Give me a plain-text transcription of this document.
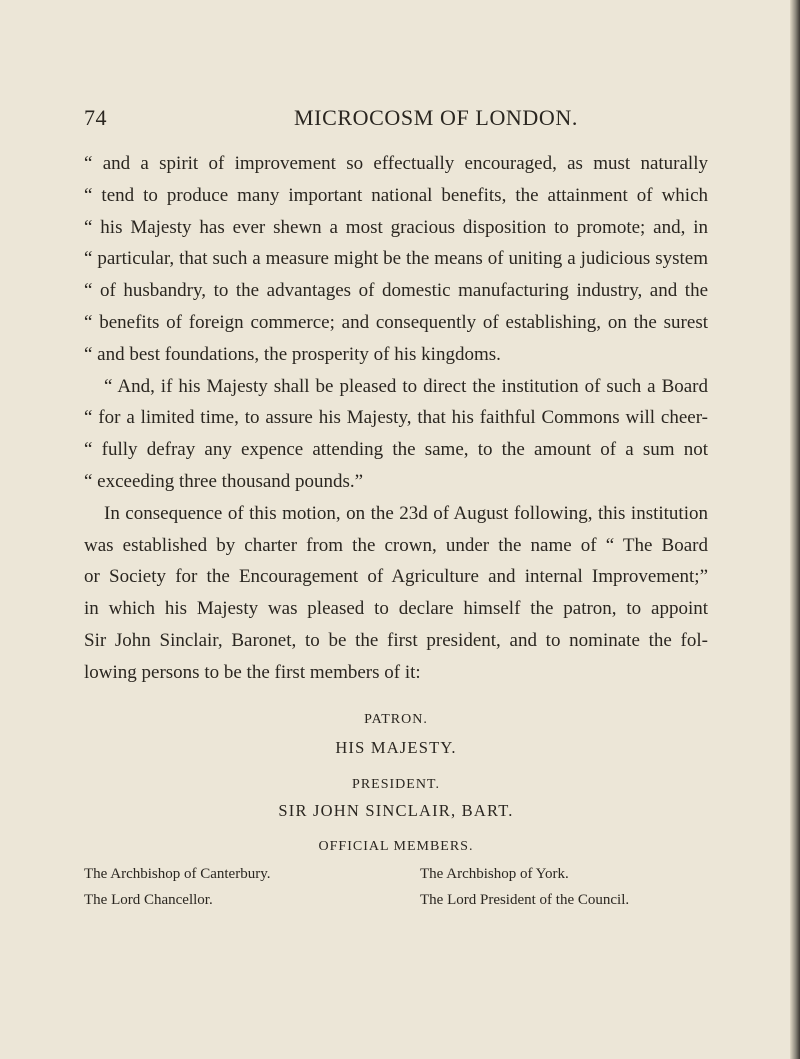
74	MICROCOSM OF LONDON.
“ and a spirit of improvement so effectually encouraged, as must naturally
“ tend to produce many important national benefits, the attainment of which
“ his Majesty has ever shewn a most gracious disposition to promote; and, in
“ particular, that such a measure might be the means of uniting a judicious system
“ of husbandry, to the advantages of domestic manufacturing industry, and the
“ benefits of foreign commerce; and consequently of establishing, on the surest
“ and best foundations, the prosperity of his kingdoms.
“ And, if his Majesty shall be pleased to direct the institution of such a Board
“ for a limited time, to assure his Majesty, that his faithful Commons will cheer-
“ fully defray any expence attending the same, to the amount of a sum not
“ exceeding three thousand pounds.”
In consequence of this motion, on the 23d of August following, this institution
was established by charter from the crown, under the name of “ The Board
or Society for the Encouragement of Agriculture and internal Improvement;”
in which his Majesty was pleased to declare himself the patron, to appoint
Sir John Sinclair, Baronet, to be the first president, and to nominate the fol-
lowing persons to be the first members of it:
PATRON.
HIS MAJESTY.
PRESIDENT.
SIR JOHN SINCLAIR, BART.
OFFICIAL MEMBERS.
The Archbishop of Canterbury.
The Lord Chancellor.
The Archbishop of York.
The Lord President of the Council.
